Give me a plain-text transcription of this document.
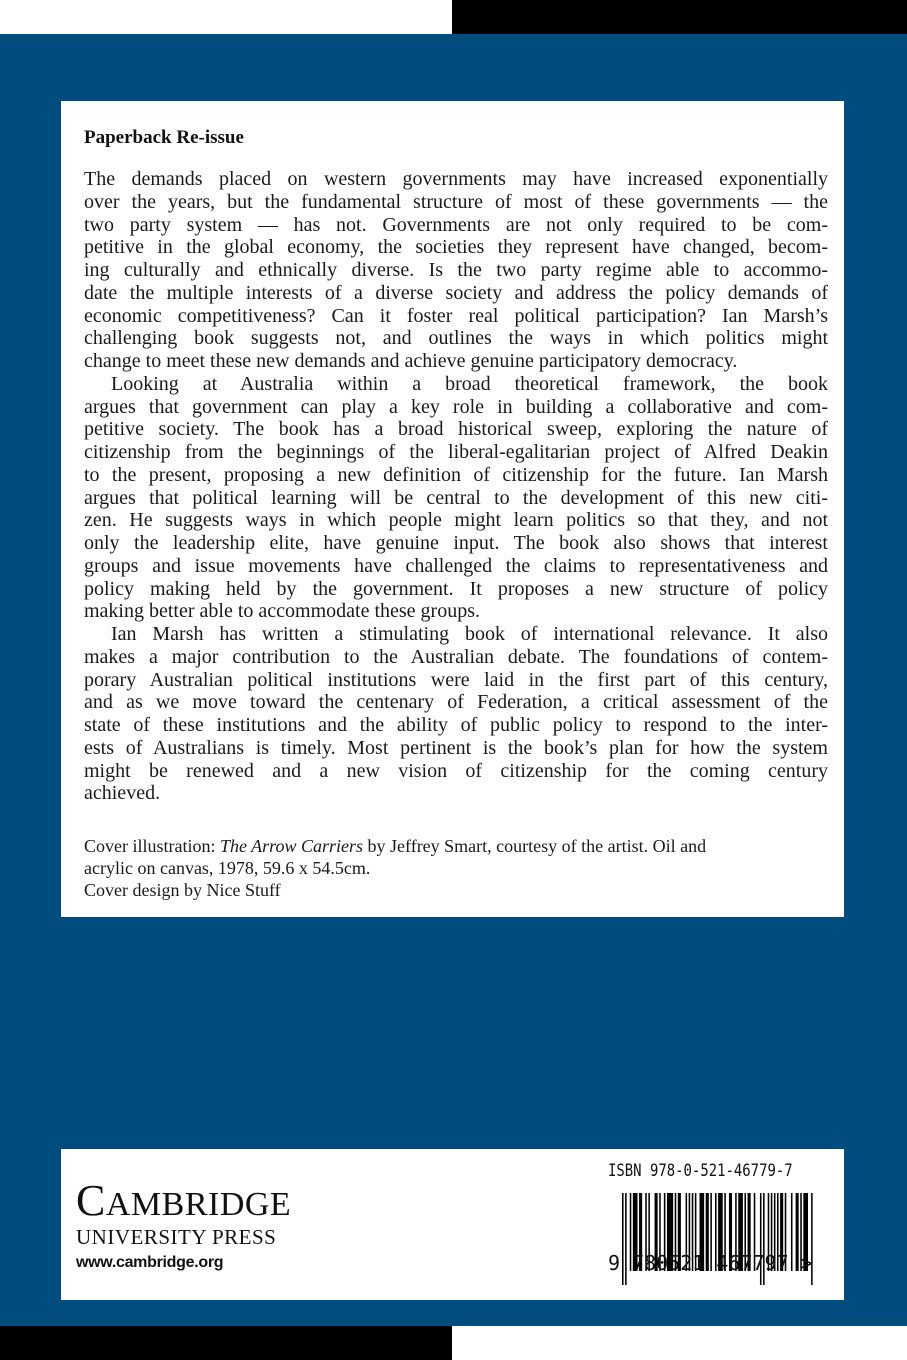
Paperback Re-issue
The demands placed on western governments may have increased exponentially
over the years, but the fundamental structure of most of these governments — the
two party system — has not. Governments are not only required to be com-
petitive in the global economy, the societies they represent have changed, becom-
ing culturally and ethnically diverse. Is the two party regime able to accommo-
date the multiple interests of a diverse society and address the policy demands of
economic competitiveness? Can it foster real political participation? Ian Marsh’s
challenging book suggests not, and outlines the ways in which politics might
change to meet these new demands and achieve genuine participatory democracy.
Looking at Australia within a broad theoretical framework, the book
argues that government can play a key role in building a collaborative and com-
petitive society. The book has a broad historical sweep, exploring the nature of
citizenship from the beginnings of the liberal-egalitarian project of Alfred Deakin
to the present, proposing a new definition of citizenship for the future. Ian Marsh
argues that political learning will be central to the development of this new citi-
zen. He suggests ways in which people might learn politics so that they, and not
only the leadership elite, have genuine input. The book also shows that interest
groups and issue movements have challenged the claims to representativeness and
policy making held by the government. It proposes a new structure of policy
making better able to accommodate these groups.
Ian Marsh has written a stimulating book of international relevance. It also
makes a major contribution to the Australian debate. The foundations of contem-
porary Australian political institutions were laid in the first part of this century,
and as we move toward the centenary of Federation, a critical assessment of the
state of these institutions and the ability of public policy to respond to the inter-
ests of Australians is timely. Most pertinent is the book’s plan for how the system
might be renewed and a new vision of citizenship for the coming century
achieved.
Cover illustration: The Arrow Carriers by Jeffrey Smart, courtesy of the artist. Oil and
acrylic on canvas, 1978, 59.6 x 54.5cm.
Cover design by Nice Stuff
CAMBRIDGE
UNIVERSITY PRESS
www.cambridge.org
ISBN 978-0-521-46779-7
9 780521 467797 >
